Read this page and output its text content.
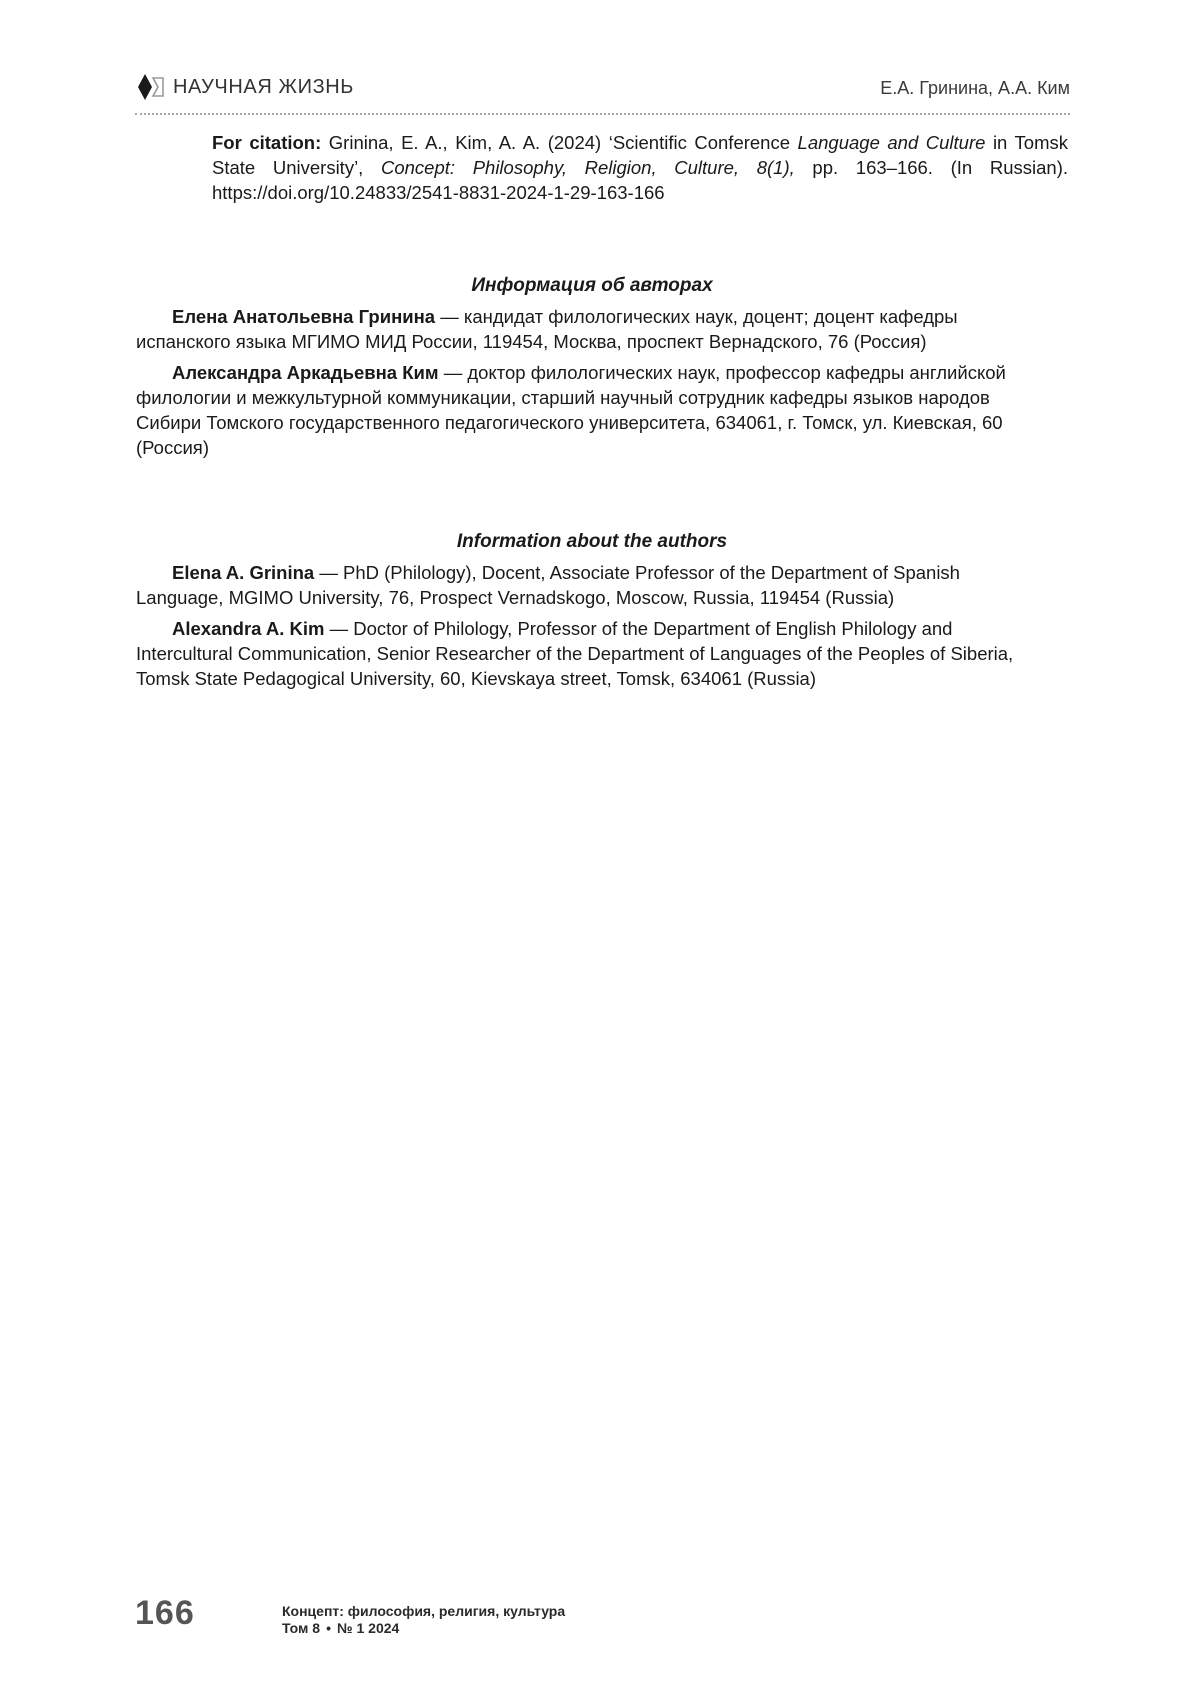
НАУЧНАЯ ЖИЗНЬ	Е.А. Гринина, А.А. Ким
For citation: Grinina, E. A., Kim, A. A. (2024) ‘Scientific Conference Language and Culture in Tomsk State University’, Concept: Philosophy, Religion, Culture, 8(1), pp. 163–166. (In Russian). https://doi.org/10.24833/2541-8831-2024-1-29-163-166
Информация об авторах

Елена Анатольевна Гринина — кандидат филологических наук, доцент; доцент кафедры испанского языка МГИМО МИД России, 119454, Москва, проспект Вернадского, 76 (Россия)

Александра Аркадьевна Ким — доктор филологических наук, профессор кафедры английской филологии и межкультурной коммуникации, старший научный сотрудник кафедры языков народов Сибири Томского государственного педагогического университета, 634061, г. Томск, ул. Киевская, 60 (Россия)

Information about the authors

Elena A. Grinina — PhD (Philology), Docent, Associate Professor of the Department of Spanish Language, MGIMO University, 76, Prospect Vernadskogo, Moscow, Russia, 119454 (Russia)

Alexandra A. Kim — Doctor of Philology, Professor of the Department of English Philology and Intercultural Communication, Senior Researcher of the Department of Languages of the Peoples of Siberia, Tomsk State Pedagogical University, 60, Kievskaya street, Tomsk, 634061 (Russia)

166	Концепт: философия, религия, культура
Том 8 • № 1 2024
